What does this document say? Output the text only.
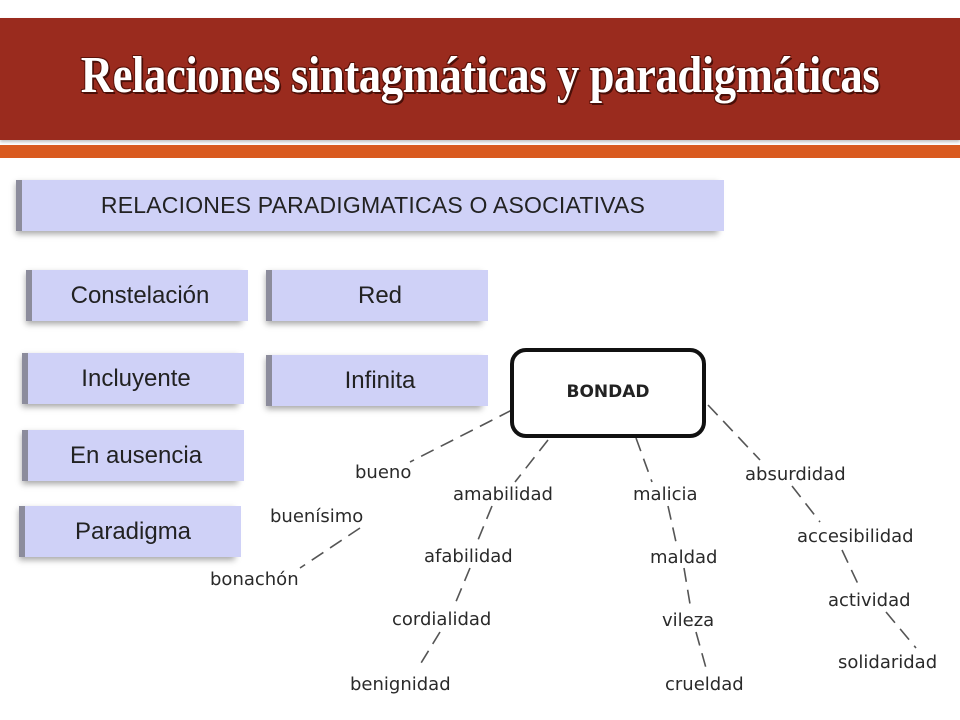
Relaciones sintagmáticas y paradigmáticas
RELACIONES PARADIGMATICAS O ASOCIATIVAS
Constelación	Red
Incluyente	Infinita
En ausencia
Paradigma
BONDAD
bueno
buenísimo
bonachón
amabilidad
afabilidad
cordialidad
benignidad
malicia
maldad
vileza
crueldad
absurdidad
accesibilidad
actividad
solidaridad
